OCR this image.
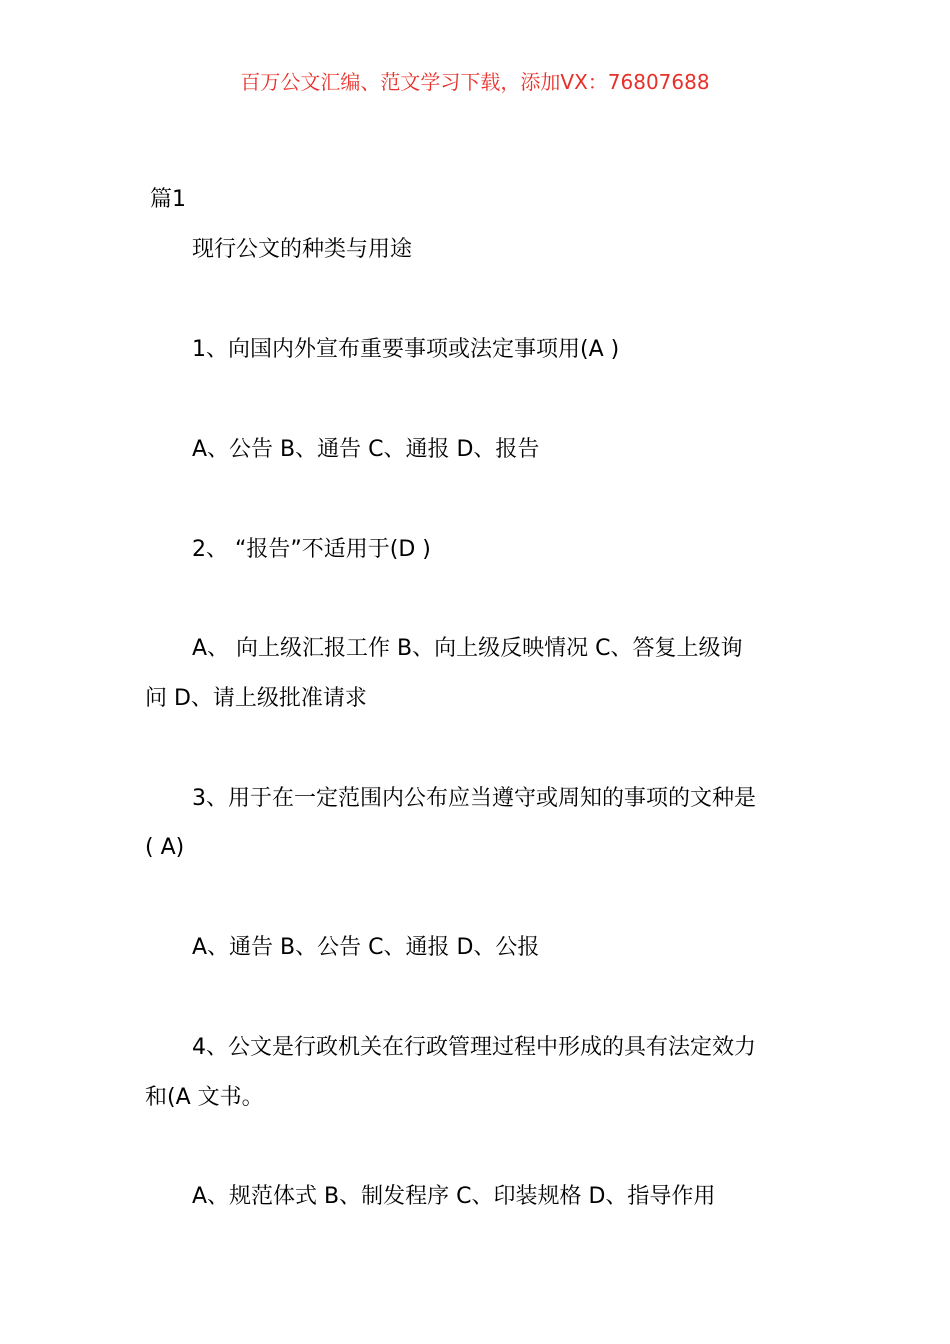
百万公文汇编、范文学习下载，添加VX：76807688
篇1
现行公文的种类与用途
1、向国内外宣布重要事项或法定事项用(A )
A、公告 B、通告 C、通报 D、报告
2、 “报告”不适用于(D )
A、 向上级汇报工作 B、向上级反映情况 C、答复上级询
问 D、请上级批准请求
3、用于在一定范围内公布应当遵守或周知的事项的文种是
( A)
A、通告 B、公告 C、通报 D、公报
4、公文是行政机关在行政管理过程中形成的具有法定效力
和(A 文书。
A、规范体式 B、制发程序 C、印装规格 D、指导作用
